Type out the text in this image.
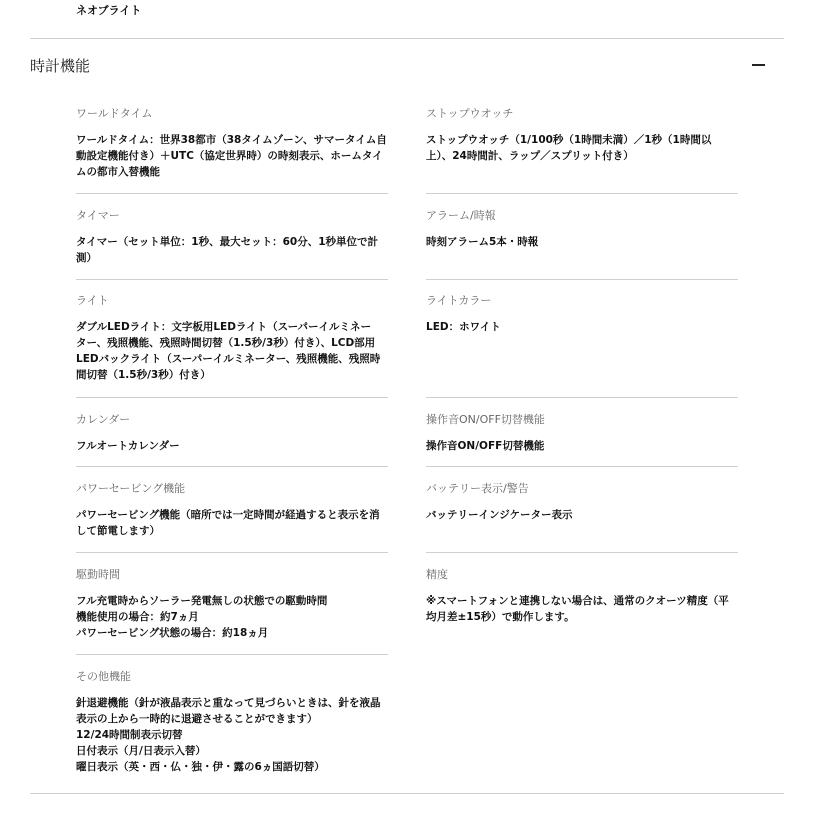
ネオブライト
時計機能
ワールドタイム
ワールドタイム：世界38都市（38タイムゾーン、サマータイム自
動設定機能付き）＋UTC（協定世界時）の時刻表示、ホームタイ
ムの都市入替機能
ストップウオッチ
ストップウオッチ（1/100秒（1時間未満）／1秒（1時間以
上）、24時間計、ラップ／スプリット付き）
タイマー
タイマー（セット単位：1秒、最大セット：60分、1秒単位で計
測）
アラーム/時報
時刻アラーム5本・時報
ライト
ダブルLEDライト：文字板用LEDライト（スーパーイルミネー
ター、残照機能、残照時間切替（1.5秒/3秒）付き）、LCD部用
LEDバックライト（スーパーイルミネーター、残照機能、残照時
間切替（1.5秒/3秒）付き）
ライトカラー
LED：ホワイト
カレンダー
フルオートカレンダー
操作音ON/OFF切替機能
操作音ON/OFF切替機能
パワーセービング機能
パワーセービング機能（暗所では一定時間が経過すると表示を消
して節電します）
バッテリー表示/警告
バッテリーインジケーター表示
駆動時間
フル充電時からソーラー発電無しの状態での駆動時間
機能使用の場合：約7ヵ月
パワーセービング状態の場合：約18ヵ月
精度
※スマートフォンと連携しない場合は、通常のクオーツ精度（平
均月差±15秒）で動作します。
その他機能
針退避機能（針が液晶表示と重なって見づらいときは、針を液晶
表示の上から一時的に退避させることができます）
12/24時間制表示切替
日付表示（月/日表示入替）
曜日表示（英・西・仏・独・伊・露の6ヵ国語切替）
